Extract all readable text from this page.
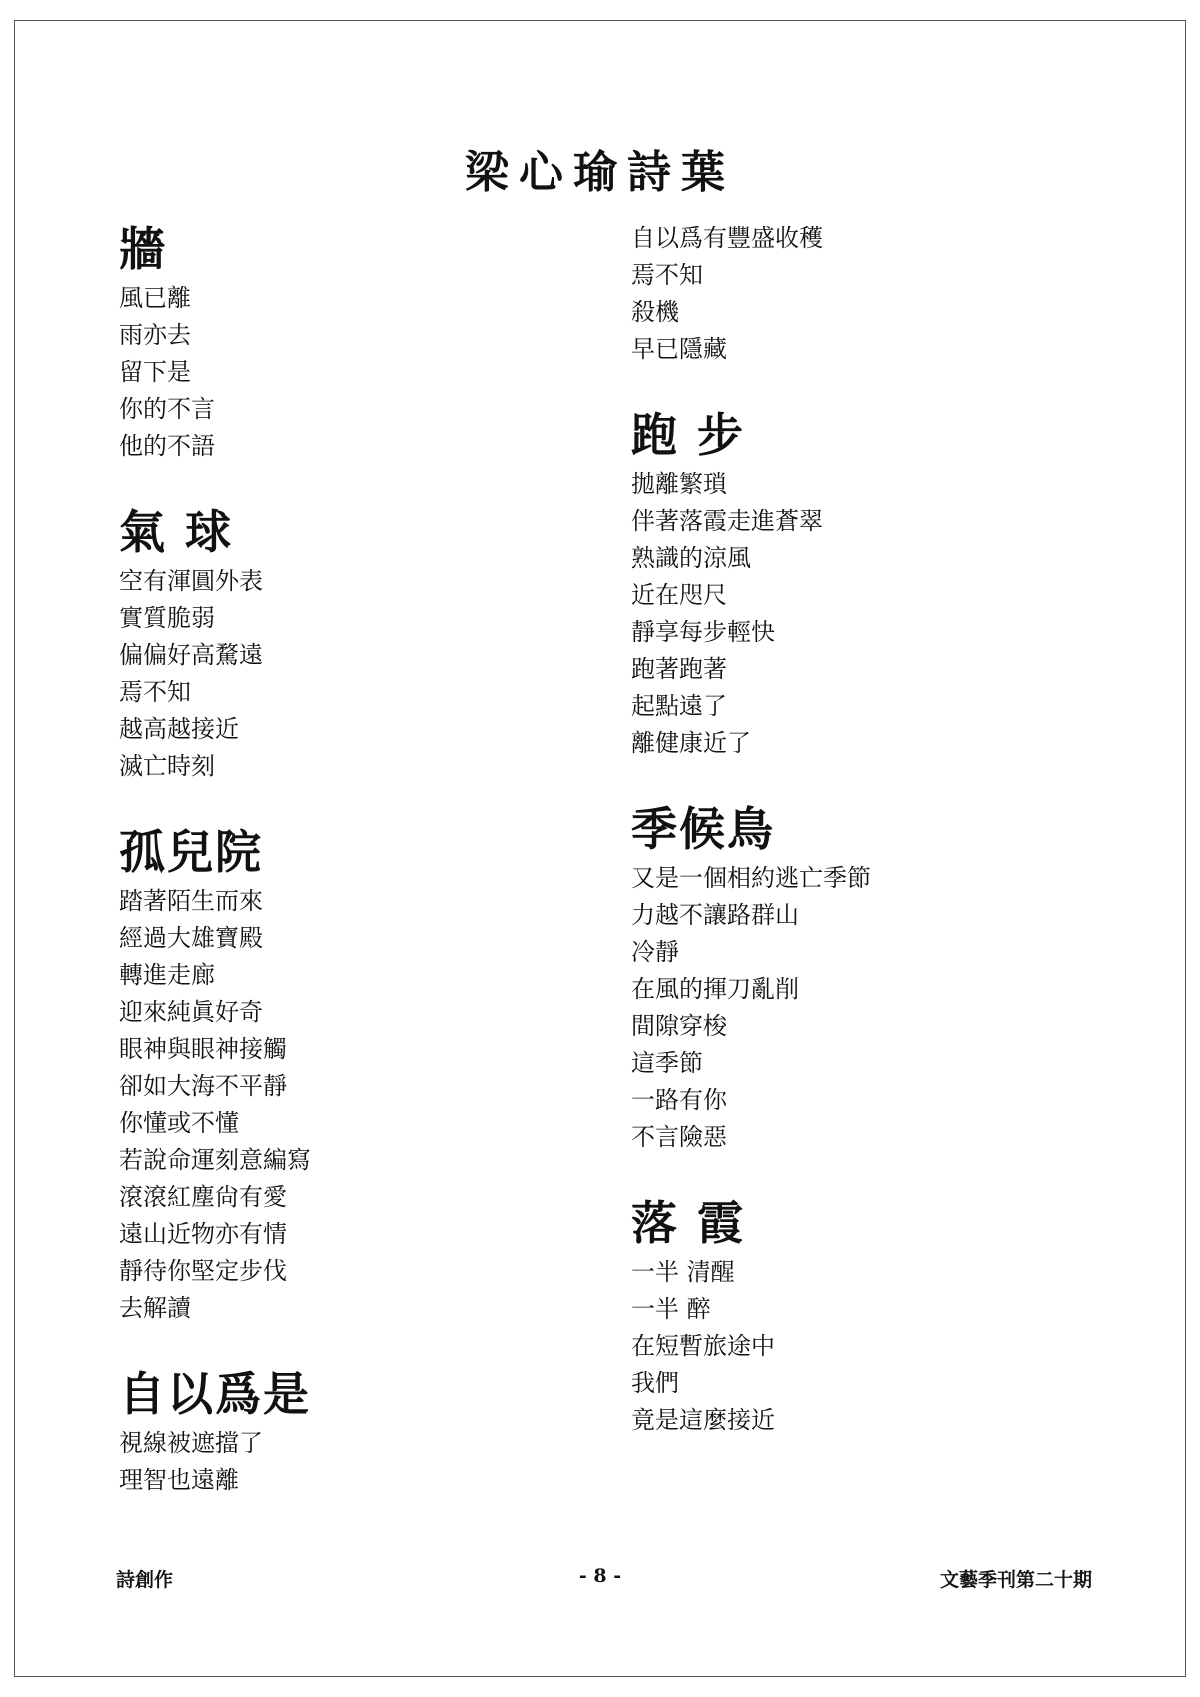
梁心瑜詩葉
牆
風已離
雨亦去
留下是
你的不言
他的不語
氣 球
空有渾圓外表
實質脆弱
偏偏好高騖遠
焉不知
越高越接近
滅亡時刻
孤兒院
踏著陌生而來
經過大雄寶殿
轉進走廊
迎來純眞好奇
眼神與眼神接觸
卻如大海不平靜
你懂或不懂
若說命運刻意編寫
滾滾紅塵尙有愛
遠山近物亦有情
靜待你堅定步伐
去解讀
自以爲是
視線被遮擋了
理智也遠離
自以爲有豐盛收穫
焉不知
殺機
早已隱藏
跑 步
拋離繁瑣
伴著落霞走進蒼翠
熟識的涼風
近在咫尺
靜享每步輕快
跑著跑著
起點遠了
離健康近了
季候鳥
又是一個相約逃亡季節
力越不讓路群山
冷靜
在風的揮刀亂削
間隙穿梭
這季節
一路有你
不言險惡
落 霞
一半 清醒
一半 醉
在短暫旅途中
我們
竟是這麼接近
詩創作	- 8 -	文藝季刊第二十期
